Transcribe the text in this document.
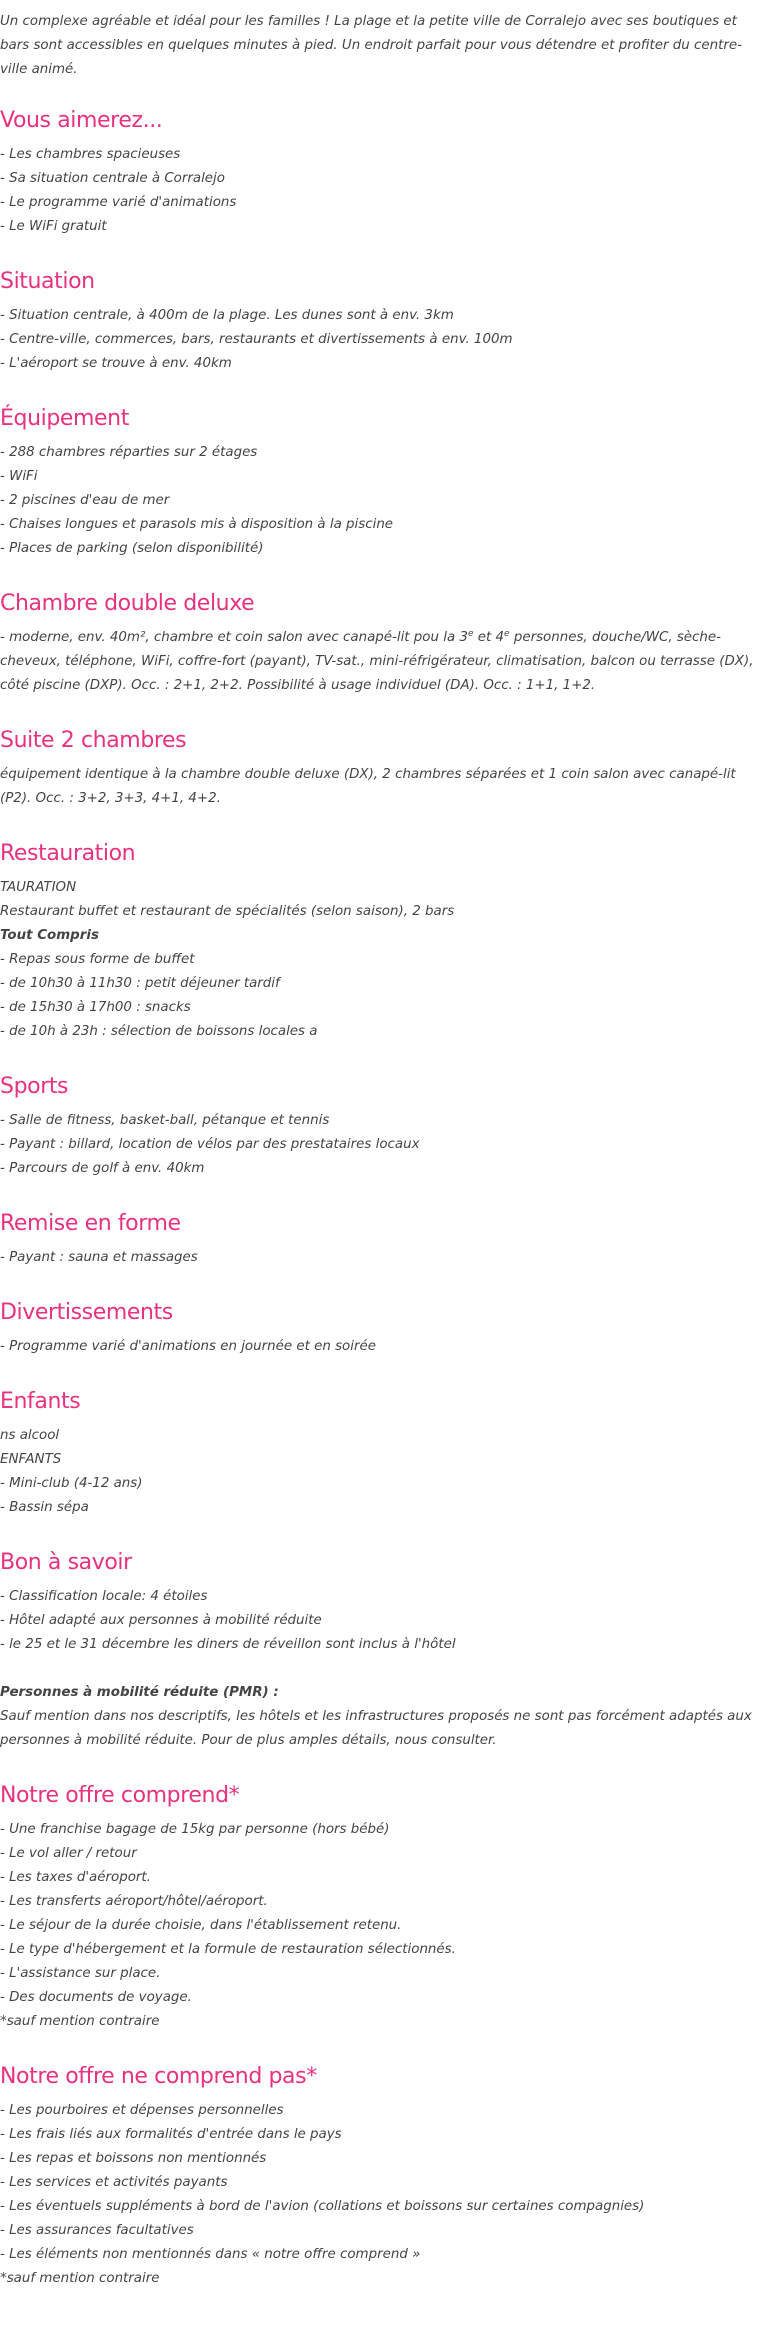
Un complexe agréable et idéal pour les familles ! La plage et la petite ville de Corralejo avec ses boutiques et bars sont accessibles en quelques minutes à pied. Un endroit parfait pour vous détendre et profiter du centre-ville animé.

Vous aimerez...
- Les chambres spacieuses
- Sa situation centrale à Corralejo
- Le programme varié d'animations
- Le WiFi gratuit
Situation
- Situation centrale, à 400m de la plage. Les dunes sont à env. 3km
- Centre-ville, commerces, bars, restaurants et divertissements à env. 100m
- L'aéroport se trouve à env. 40km
Équipement
- 288 chambres réparties sur 2 étages
- WiFi
- 2 piscines d'eau de mer
- Chaises longues et parasols mis à disposition à la piscine
- Places de parking (selon disponibilité)
Chambre double deluxe

- moderne, env. 40m², chambre et coin salon avec canapé-lit pou la 3e et 4e personnes, douche/WC, sèche-cheveux, téléphone, WiFi, coffre-fort (payant), TV-sat., mini-réfrigérateur, climatisation, balcon ou terrasse (DX), côté piscine (DXP). Occ. : 2+1, 2+2. Possibilité à usage individuel (DA). Occ. : 1+1, 1+2.

Suite 2 chambres

équipement identique à la chambre double deluxe (DX), 2 chambres séparées et 1 coin salon avec canapé-lit (P2). Occ. : 3+2, 3+3, 4+1, 4+2.

Restauration
TAURATION
Restaurant buffet et restaurant de spécialités (selon saison), 2 bars
Tout Compris
- Repas sous forme de buffet
- de 10h30 à 11h30 : petit déjeuner tardif
- de 15h30 à 17h00 : snacks
- de 10h à 23h : sélection de boissons locales a
Sports
- Salle de fitness, basket-ball, pétanque et tennis
- Payant : billard, location de vélos par des prestataires locaux
- Parcours de golf à env. 40km
Remise en forme
- Payant : sauna et massages
Divertissements
- Programme varié d'animations en journée et en soirée
Enfants
ns alcool
ENFANTS
- Mini-club (4-12 ans)
- Bassin sépa
Bon à savoir
- Classification locale: 4 étoiles
- Hôtel adapté aux personnes à mobilité réduite
- le 25 et le 31 décembre les diners de réveillon sont inclus à l'hôtel
Personnes à mobilité réduite (PMR) :

Sauf mention dans nos descriptifs, les hôtels et les infrastructures proposés ne sont pas forcément adaptés aux personnes à mobilité réduite. Pour de plus amples détails, nous consulter.

Notre offre comprend*
- Une franchise bagage de 15kg par personne (hors bébé)
- Le vol aller / retour
- Les taxes d'aéroport.
- Les transferts aéroport/hôtel/aéroport.
- Le séjour de la durée choisie, dans l'établissement retenu.
- Le type d'hébergement et la formule de restauration sélectionnés.
- L'assistance sur place.
- Des documents de voyage.
*sauf mention contraire
Notre offre ne comprend pas*
- Les pourboires et dépenses personnelles
- Les frais liés aux formalités d'entrée dans le pays
- Les repas et boissons non mentionnés
- Les services et activités payants
- Les éventuels suppléments à bord de l'avion (collations et boissons sur certaines compagnies)
- Les assurances facultatives
- Les éléments non mentionnés dans « notre offre comprend »
*sauf mention contraire
